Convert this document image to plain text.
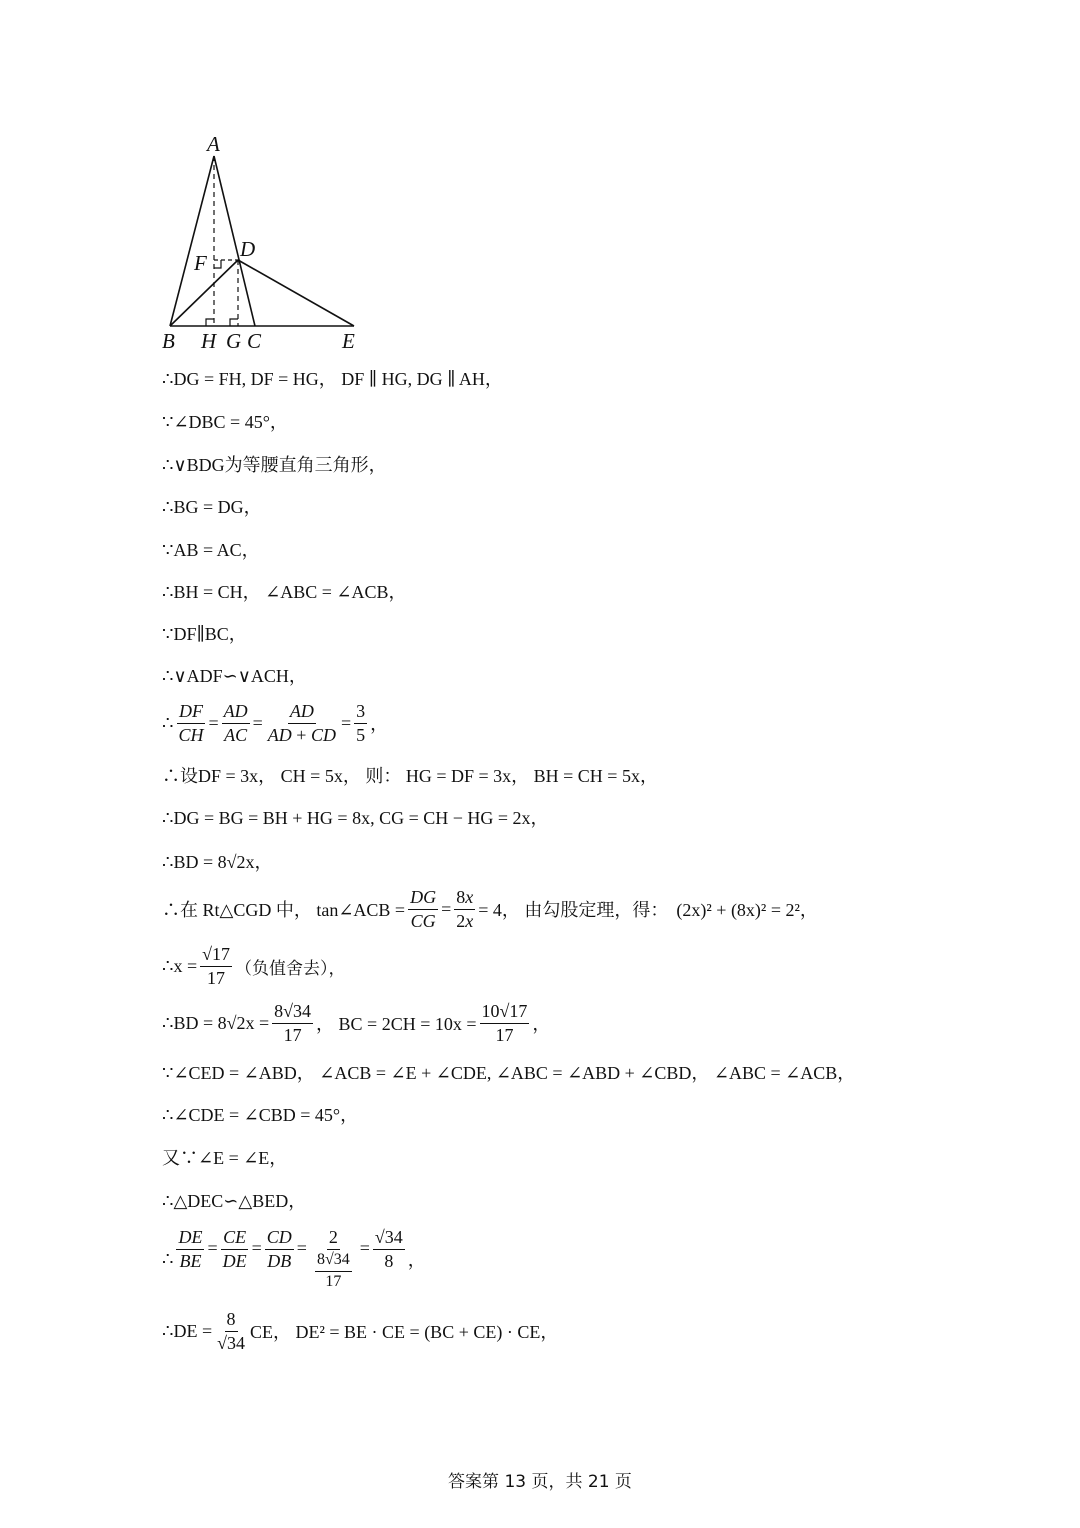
A
D
F
B H G C	E
∴DG = FH, DF = HG， DF ∥ HG, DG ∥ AH，
∵∠DBC = 45°，
∴∨BDG为等腰直角三角形，
∴BG = DG，
∵AB = AC，
∴BH = CH， ∠ABC = ∠ACB，
∵DF∥BC，
∴∨ADF∽∨ACH，
∴ $\frac{DF}{CH} = \frac{AD}{AC} = \frac{AD}{AD + CD} = \frac{3}{5}$ ，
∴设DF = 3x， CH = 5x， 则： HG = DF = 3x， BH = CH = 5x，
∴DG = BG = BH + HG = 8x, CG = CH − HG = 2x，
∴BD = 8√2x，
∴在 Rt△CGD 中， tan∠ACB = $\frac{DG}{CG} = \frac{8x}{2x} = 4$， 由勾股定理，得： (2x)² + (8x)² = 2²，
∴x = $\frac{√17}{17}$ （负值舍去），
∴BD = $8√2x = \frac{8√34}{17}$ ， BC = $2CH = 10x = \frac{10√17}{17}$ ，
∵∠CED = ∠ABD， ∠ACB = ∠E + ∠CDE, ∠ABC = ∠ABD + ∠CBD， ∠ABC = ∠ACB，
∴∠CDE = ∠CBD = 45°，
又∵∠E = ∠E，
∴△DEC∽△BED，
∴ $\frac{DE}{BE} = \frac{CE}{DE} = \frac{CD}{DB} = \frac{2}{\frac{8√34}{17}} = \frac{√34}{8}$ ，
∴DE = $\frac{8}{√34}$ CE， DE² = BE · CE = (BC + CE) · CE，
答案第 13 页，共 21 页
